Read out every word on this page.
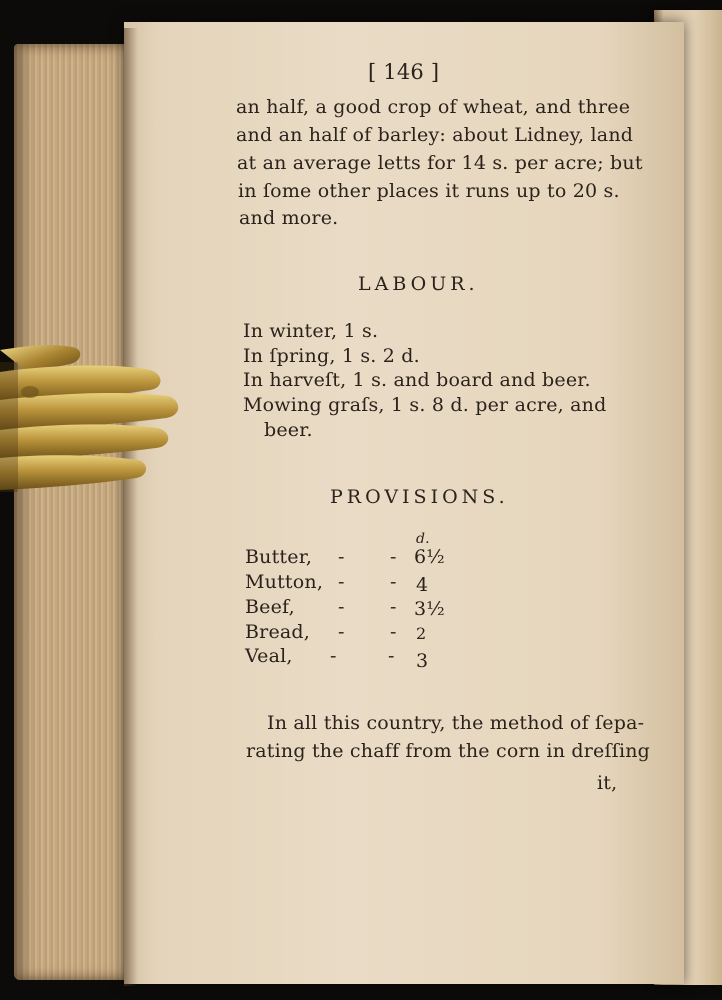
[ 146 ]
an half, a good crop of wheat, and three
and an half of barley: about Lidney, land
at an average letts for 14 s. per acre; but
in ſome other places it runs up to 20 s.
and more.
LABOUR.
In winter, 1 s.
In ſpring, 1 s. 2 d.
In harveſt, 1 s. and board and beer.
Mowing graſs, 1 s. 8 d. per acre, and
beer.
PROVISIONS.
d.
Butter, - - 6½
Mutton, - - 4
Beef, - - 3½
Bread, - - 2
Veal, -	- 3
In all this country, the method of ſepa-
rating the chaff from the corn in dreſſing
it,
